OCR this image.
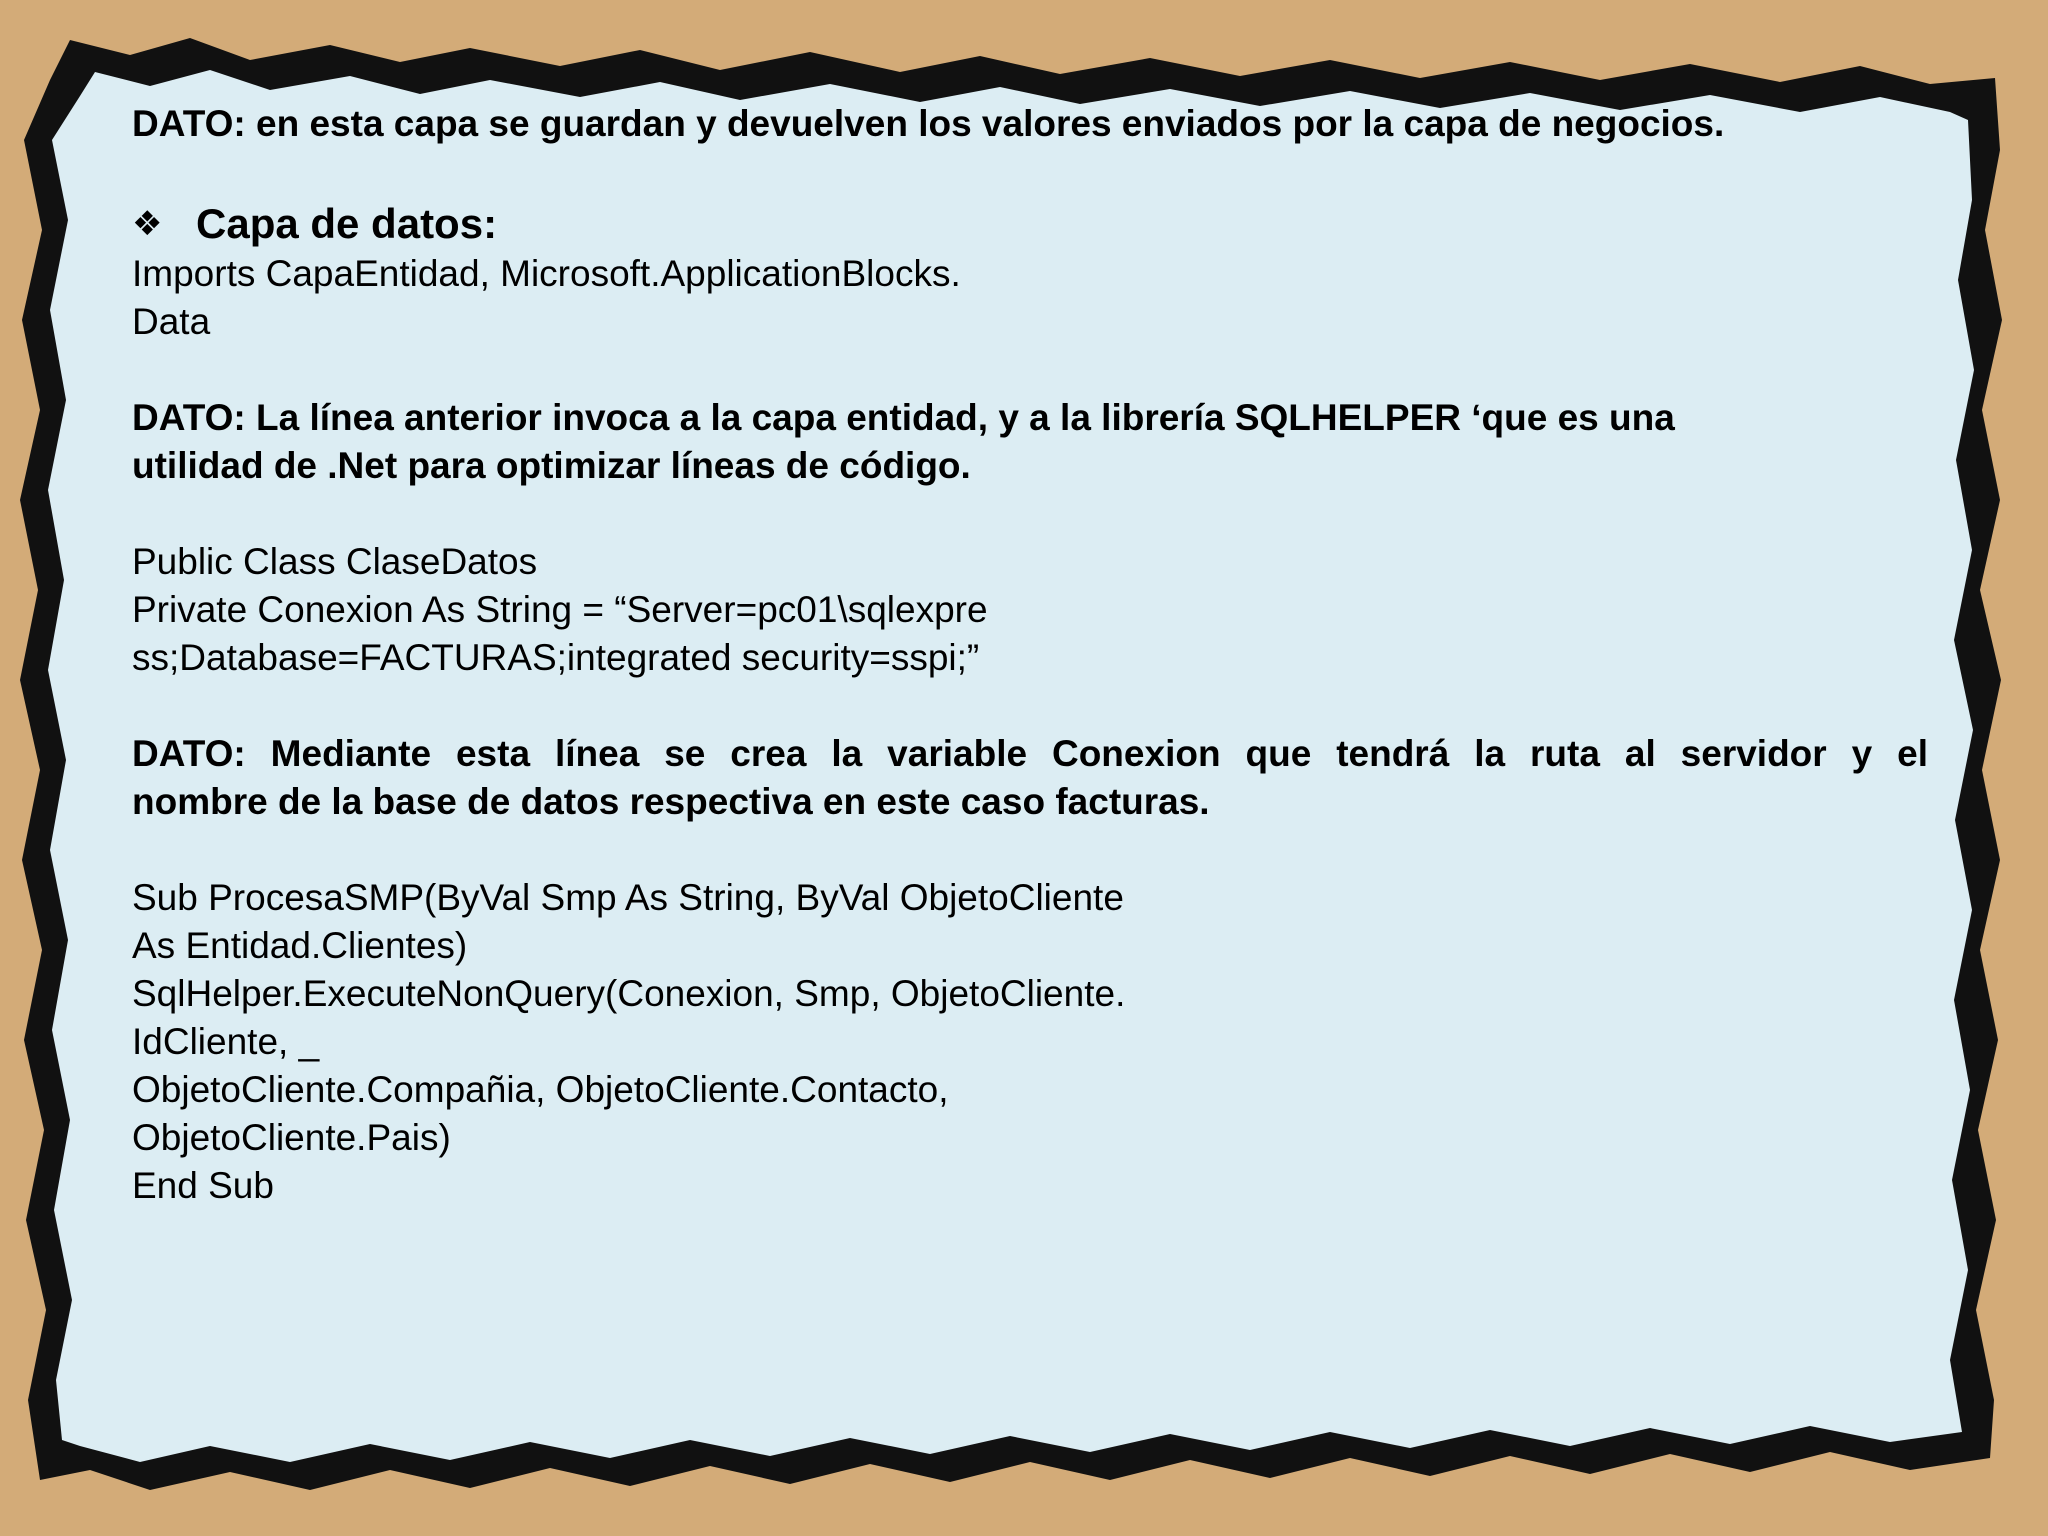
DATO: en esta capa se guardan y devuelven los valores enviados por la capa de negocios.

❖ Capa de datos:

Imports CapaEntidad, Microsoft.ApplicationBlocks.

Data

DATO: La línea anterior invoca a la capa entidad, y a la librería SQLHELPER ‘que es una

utilidad de .Net para optimizar líneas de código.

Public Class ClaseDatos

Private Conexion As String = “Server=pc01\sqlexpre

ss;Database=FACTURAS;integrated security=sspi;”

DATO: Mediante esta línea se crea la variable Conexion que tendrá la ruta al servidor y el

nombre de la base de datos respectiva en este caso facturas.

Sub ProcesaSMP(ByVal Smp As String, ByVal ObjetoCliente

As Entidad.Clientes)

SqlHelper.ExecuteNonQuery(Conexion, Smp, ObjetoCliente.

IdCliente, _

ObjetoCliente.Compañia, ObjetoCliente.Contacto,

ObjetoCliente.Pais)

End Sub
